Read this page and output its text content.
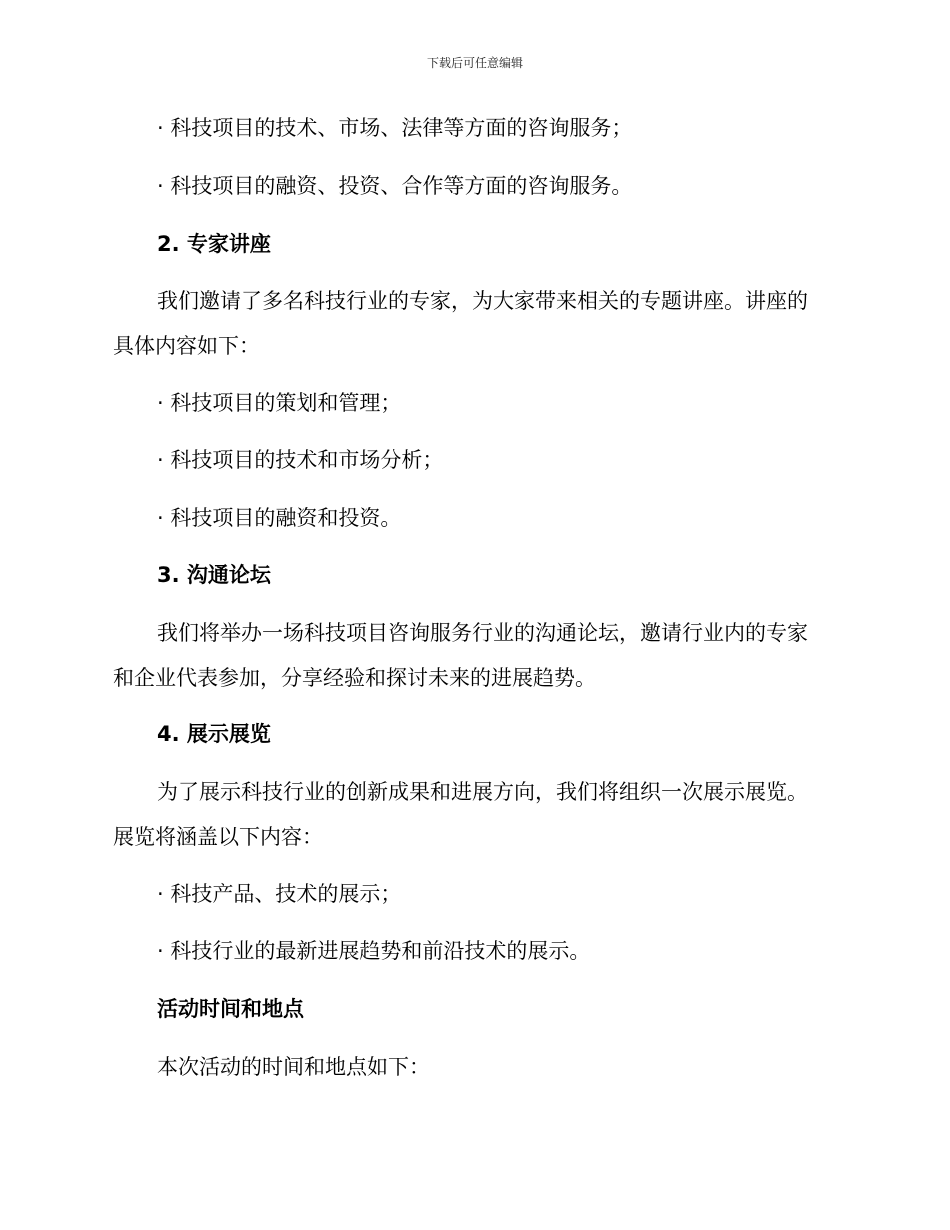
下载后可任意编辑
· 科技项目的技术、市场、法律等方面的咨询服务；
· 科技项目的融资、投资、合作等方面的咨询服务。
2. 专家讲座
我们邀请了多名科技行业的专家，为大家带来相关的专题讲座。讲座的
具体内容如下：
· 科技项目的策划和管理；
· 科技项目的技术和市场分析；
· 科技项目的融资和投资。
3. 沟通论坛
我们将举办一场科技项目咨询服务行业的沟通论坛，邀请行业内的专家
和企业代表参加，分享经验和探讨未来的进展趋势。
4. 展示展览
为了展示科技行业的创新成果和进展方向，我们将组织一次展示展览。
展览将涵盖以下内容：
· 科技产品、技术的展示；
· 科技行业的最新进展趋势和前沿技术的展示。
活动时间和地点
本次活动的时间和地点如下：
